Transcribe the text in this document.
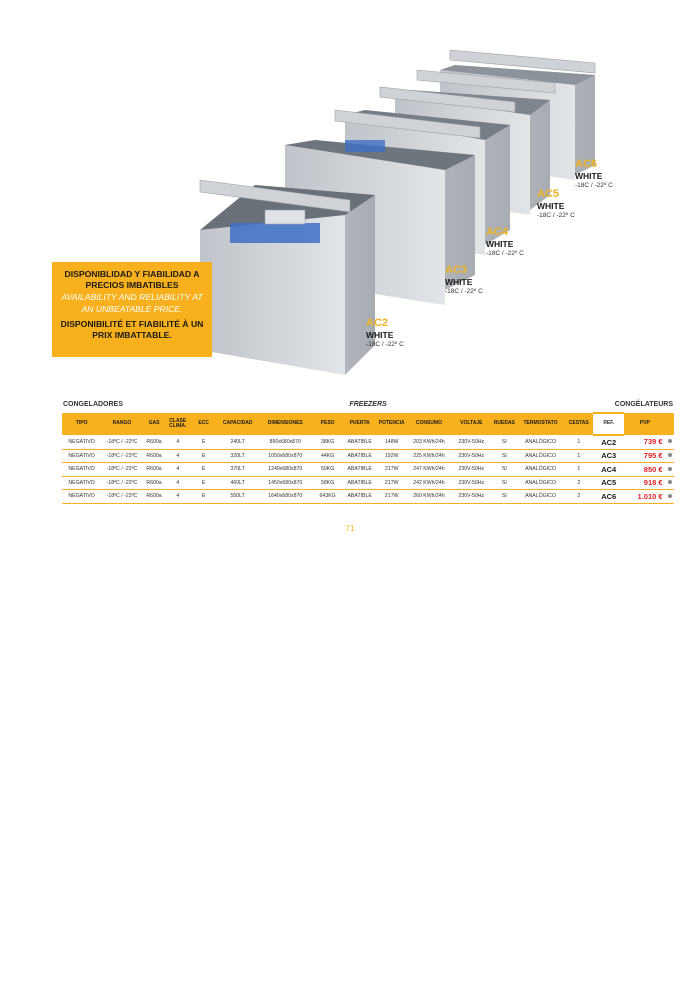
AC6
WHITE
-18C / -22º C
AC5
WHITE
-18C / -22º C
AC4
WHITE
-18C / -22º C
AC3
WHITE
-18C / -22º C
AC2
WHITE
-18C / -22º C
DISPONIBLIDAD Y FIABILIDAD A PRECIOS IMBATIBLES
AVAILABILITY AND RELIABILITY AT AN UNBEATABLE PRICE.
DISPONIBILITÉ ET FIABILITÉ À UN PRIX IMBATTABLE.
CONGELADORES	FREEZERS	CONGÉLATEURS
TIPO	RANGO	GAS	CLASE CLIMA.	ECC	CAPACIDAD	DIMENSIONES	PESO	PUERTA	POTENCIA	CONSUMO	VOLTAJE	RUEDAS	TERMOSTATO	CESTAS	REF.	PVP	
NEGATIVO	-18ºC / -22ºC	R600a	4	E	240LT	890x680x870	38KG	ABATIBLE	148W	203 KWh/24h	230V-50Hz	SI	ANALÓGICO	1	AC2	739 €	
NEGATIVO	-18ºC / -22ºC	R600a	4	E	320LT	1050x680x870	44KG	ABATIBLE	192W	225 KWh/24h	230V-50Hz	SI	ANALÓGICO	1	AC3	795 €	
NEGATIVO	-18ºC / -22ºC	R600a	4	E	370LT	1240x680x870	50KG	ABATIBLE	217W	247 KWh/24h	230V-50Hz	SI	ANALÓGICO	1	AC4	850 €	
NEGATIVO	-18ºC / -22ºC	R600a	4	E	460LT	1450x680x870	58KG	ABATIBLE	217W	242 KWh/24h	230V-50Hz	SI	ANALÓGICO	2	AC5	918 €	
NEGATIVO	-18ºC / -22ºC	R600a	4	E	550LT	1640x680x870	643KG	ABATIBLE	217W	260 KWh/24h	230V-50Hz	SI	ANALÓGICO	2	AC6	1.010 €	
71
